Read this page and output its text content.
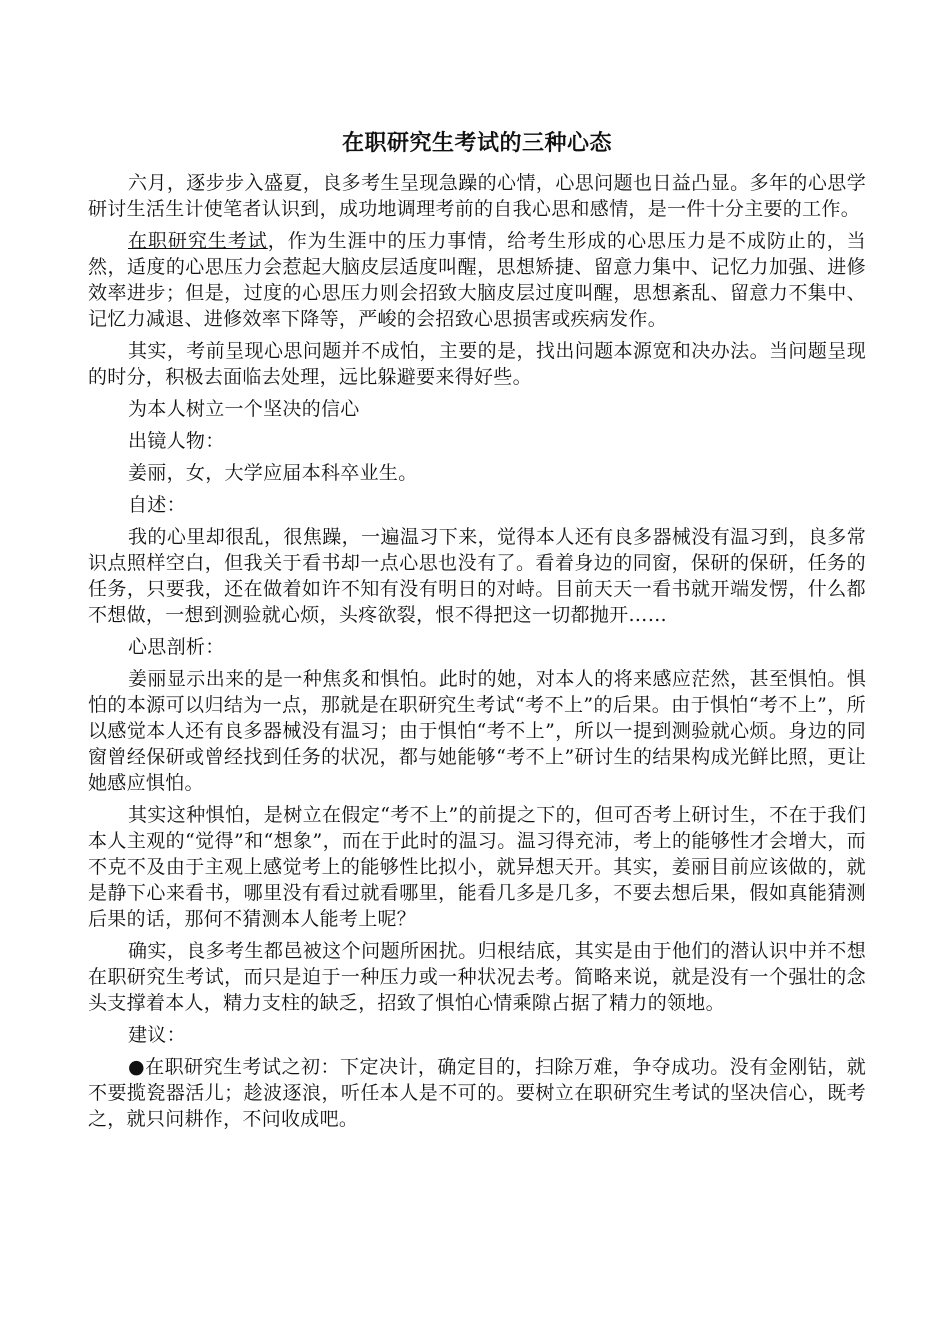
在职研究生考试的三种心态

六月，逐步步入盛夏，良多考生呈现急躁的心情，心思问题也日益凸显。多年的心思学研讨生活生计使笔者认识到，成功地调理考前的自我心思和感情，是一件十分主要的工作。

在职研究生考试，作为生涯中的压力事情，给考生形成的心思压力是不成防止的，当然，适度的心思压力会惹起大脑皮层适度叫醒，思想矫捷、留意力集中、记忆力加强、进修效率进步；但是，过度的心思压力则会招致大脑皮层过度叫醒，思想紊乱、留意力不集中、记忆力减退、进修效率下降等，严峻的会招致心思损害或疾病发作。

其实，考前呈现心思问题并不成怕，主要的是，找出问题本源宽和决办法。当问题呈现的时分，积极去面临去处理，远比躲避要来得好些。

为本人树立一个坚决的信心

出镜人物：

姜丽，女，大学应届本科卒业生。

自述：

我的心里却很乱，很焦躁，一遍温习下来，觉得本人还有良多器械没有温习到，良多常识点照样空白，但我关于看书却一点心思也没有了。看着身边的同窗，保研的保研，任务的任务，只要我，还在做着如许不知有没有明日的对峙。目前天天一看书就开端发愣，什么都不想做，一想到测验就心烦，头疼欲裂，恨不得把这一切都抛开……

心思剖析：

姜丽显示出来的是一种焦炙和惧怕。此时的她，对本人的将来感应茫然，甚至惧怕。惧怕的本源可以归结为一点，那就是在职研究生考试“考不上”的后果。由于惧怕“考不上”，所以感觉本人还有良多器械没有温习；由于惧怕“考不上”，所以一提到测验就心烦。身边的同窗曾经保研或曾经找到任务的状况，都与她能够“考不上”研讨生的结果构成光鲜比照，更让她感应惧怕。

其实这种惧怕，是树立在假定“考不上”的前提之下的，但可否考上研讨生，不在于我们本人主观的“觉得”和“想象”，而在于此时的温习。温习得充沛，考上的能够性才会增大，而不克不及由于主观上感觉考上的能够性比拟小，就异想天开。其实，姜丽目前应该做的，就是静下心来看书，哪里没有看过就看哪里，能看几多是几多，不要去想后果，假如真能猜测后果的话，那何不猜测本人能考上呢？

确实，良多考生都邑被这个问题所困扰。归根结底，其实是由于他们的潜认识中并不想在职研究生考试，而只是迫于一种压力或一种状况去考。简略来说，就是没有一个强壮的念头支撑着本人，精力支柱的缺乏，招致了惧怕心情乘隙占据了精力的领地。

建议：

●在职研究生考试之初：下定决计，确定目的，扫除万难，争夺成功。没有金刚钻，就不要揽瓷器活儿；趁波逐浪，听任本人是不可的。要树立在职研究生考试的坚决信心，既考之，就只问耕作，不问收成吧。
